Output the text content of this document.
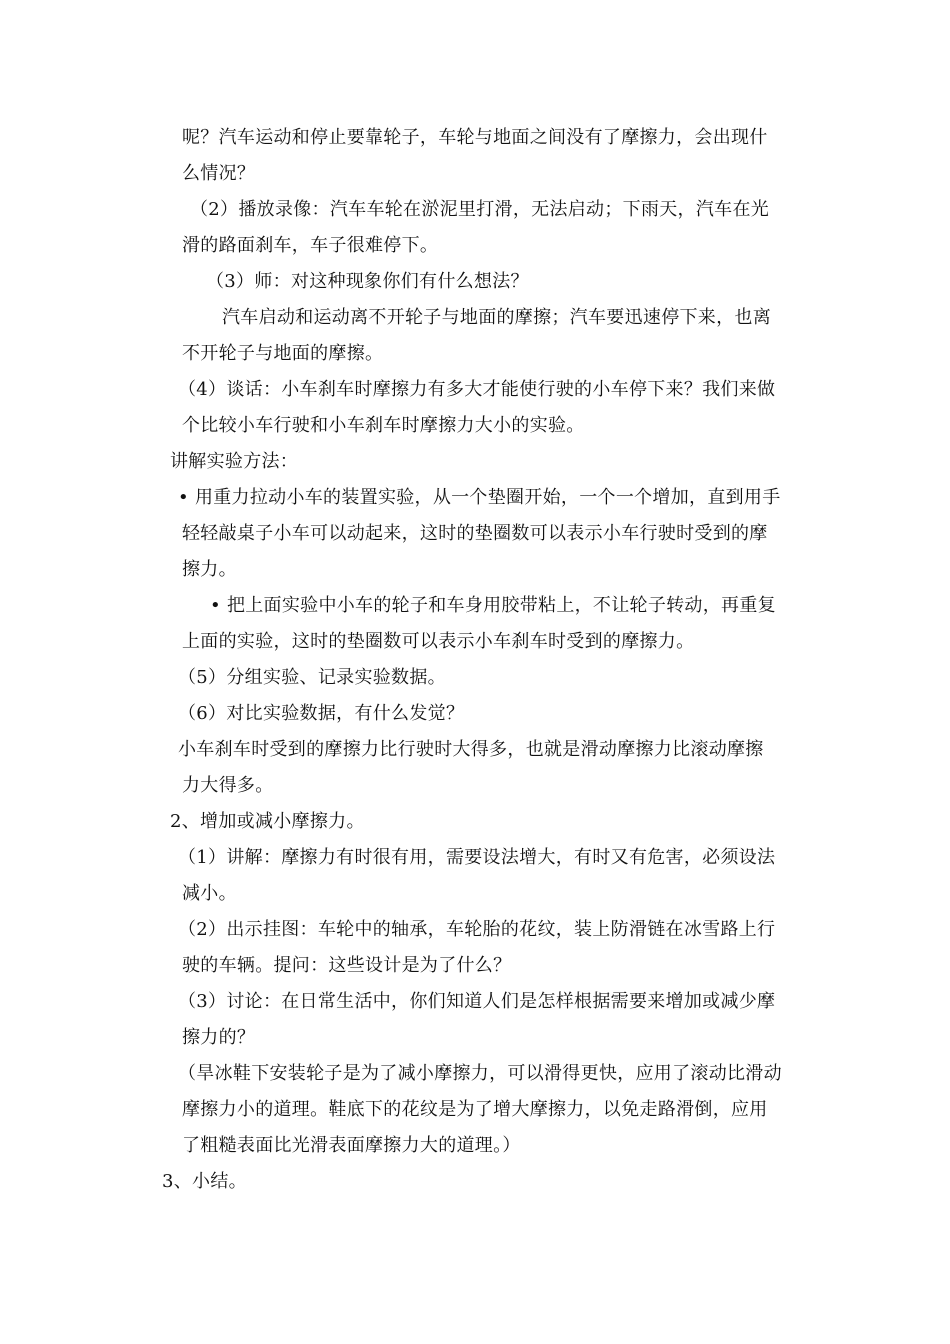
呢？汽车运动和停止要靠轮子，车轮与地面之间没有了摩擦力，会出现什
么情况？
（2）播放录像：汽车车轮在淤泥里打滑，无法启动；下雨天，汽车在光
滑的路面刹车，车子很难停下。
（3）师：对这种现象你们有什么想法？
汽车启动和运动离不开轮子与地面的摩擦；汽车要迅速停下来，也离
不开轮子与地面的摩擦。
（4）谈话：小车刹车时摩擦力有多大才能使行驶的小车停下来？我们来做
个比较小车行驶和小车刹车时摩擦力大小的实验。
讲解实验方法：
• 用重力拉动小车的装置实验，从一个垫圈开始，一个一个增加，直到用手
轻轻敲桌子小车可以动起来，这时的垫圈数可以表示小车行驶时受到的摩
擦力。
• 把上面实验中小车的轮子和车身用胶带粘上，不让轮子转动，再重复
上面的实验，这时的垫圈数可以表示小车刹车时受到的摩擦力。
（5）分组实验、记录实验数据。
（6）对比实验数据，有什么发觉？
小车刹车时受到的摩擦力比行驶时大得多，也就是滑动摩擦力比滚动摩擦
力大得多。
2、增加或减小摩擦力。
（1）讲解：摩擦力有时很有用，需要设法增大，有时又有危害，必须设法
减小。
（2）出示挂图：车轮中的轴承，车轮胎的花纹，装上防滑链在冰雪路上行
驶的车辆。提问：这些设计是为了什么？
（3）讨论：在日常生活中，你们知道人们是怎样根据需要来增加或减少摩
擦力的？
（旱冰鞋下安装轮子是为了减小摩擦力，可以滑得更快，应用了滚动比滑动
摩擦力小的道理。鞋底下的花纹是为了增大摩擦力，以免走路滑倒，应用
了粗糙表面比光滑表面摩擦力大的道理。）
3、小结。
